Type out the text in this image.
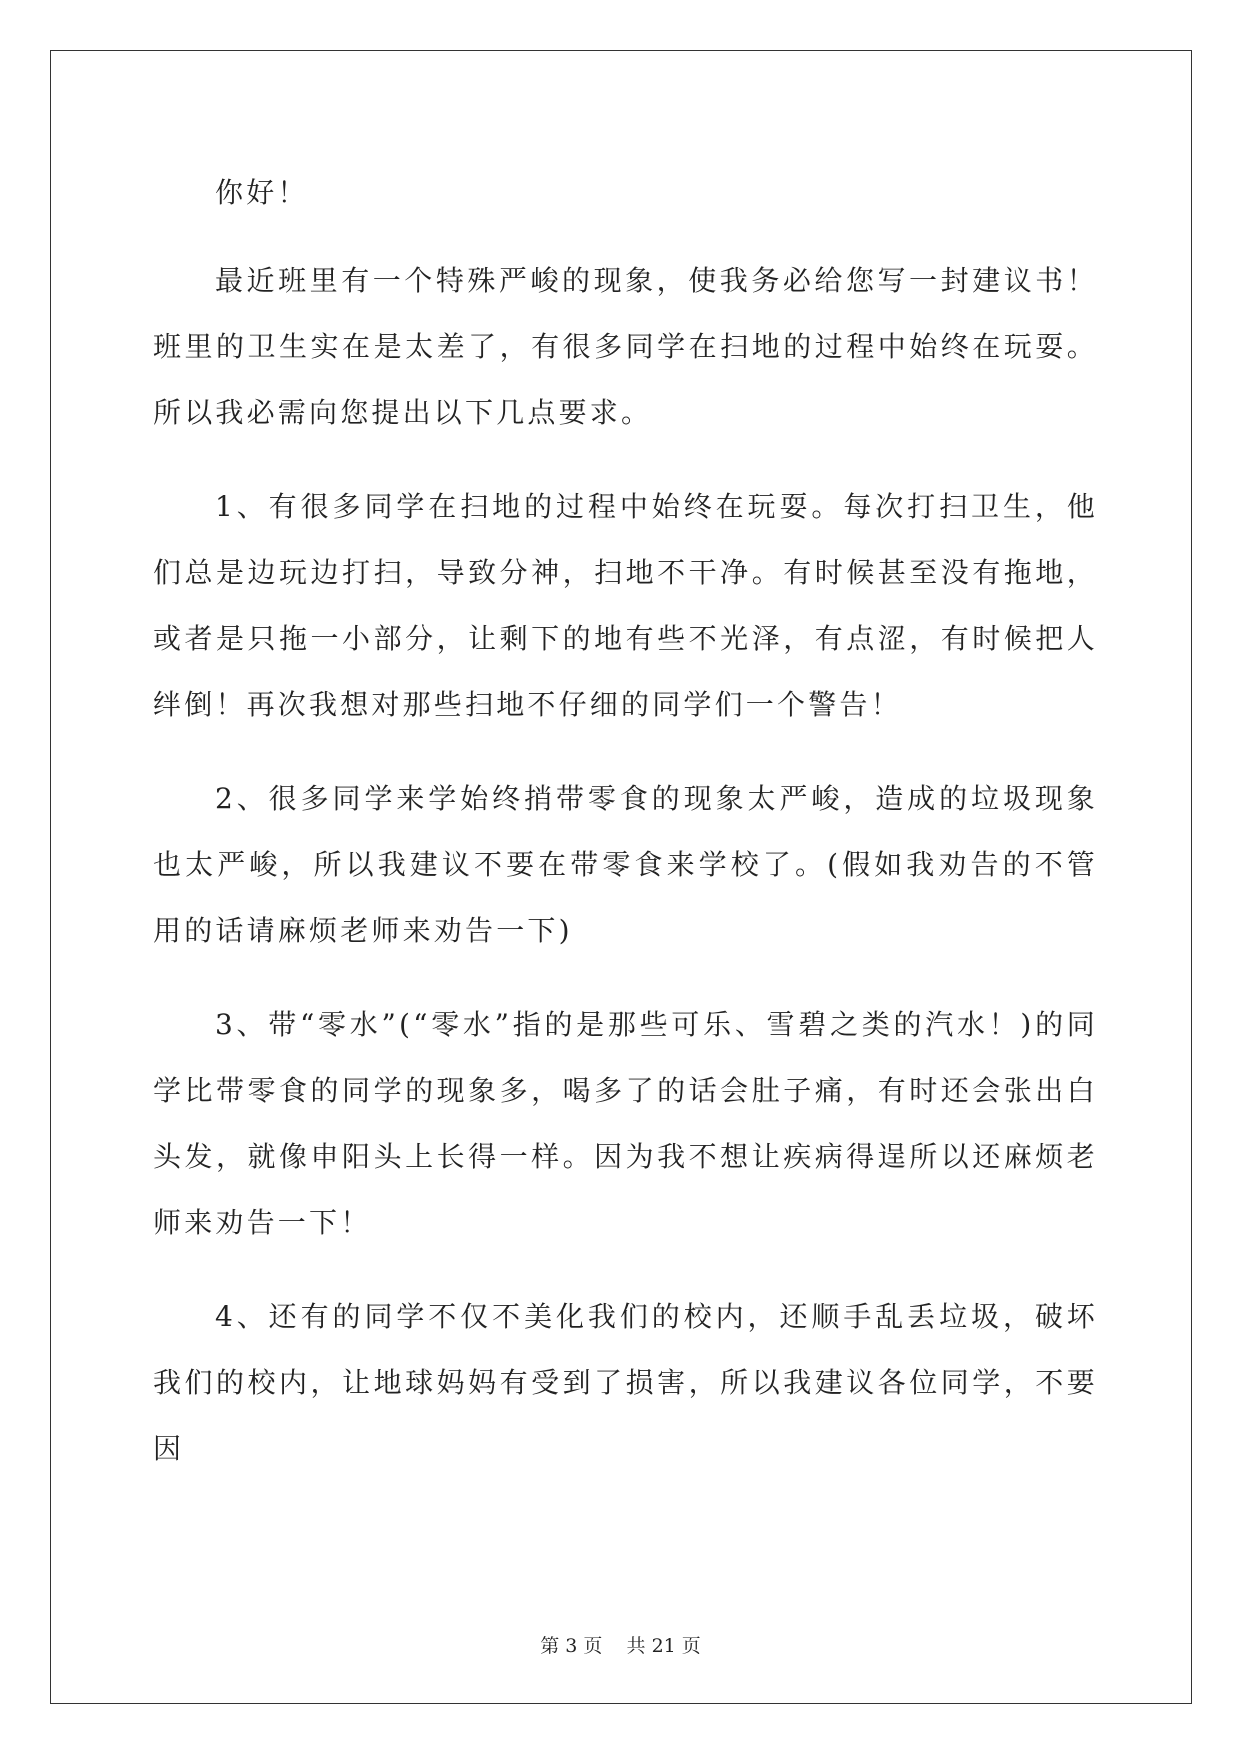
你好！

最近班里有一个特殊严峻的现象，使我务必给您写一封建议书！班里的卫生实在是太差了，有很多同学在扫地的过程中始终在玩耍。所以我必需向您提出以下几点要求。

1、有很多同学在扫地的过程中始终在玩耍。每次打扫卫生，他们总是边玩边打扫，导致分神，扫地不干净。有时候甚至没有拖地，或者是只拖一小部分，让剩下的地有些不光泽，有点涩，有时候把人绊倒！再次我想对那些扫地不仔细的同学们一个警告！

2、很多同学来学始终捎带零食的现象太严峻，造成的垃圾现象也太严峻，所以我建议不要在带零食来学校了。(假如我劝告的不管用的话请麻烦老师来劝告一下)

3、带“零水”(“零水”指的是那些可乐、雪碧之类的汽水！)的同学比带零食的同学的现象多，喝多了的话会肚子痛，有时还会张出白头发，就像申阳头上长得一样。因为我不想让疾病得逞所以还麻烦老师来劝告一下！

4、还有的同学不仅不美化我们的校内，还顺手乱丢垃圾，破坏我们的校内，让地球妈妈有受到了损害，所以我建议各位同学，不要因

第 3 页    共 21 页
